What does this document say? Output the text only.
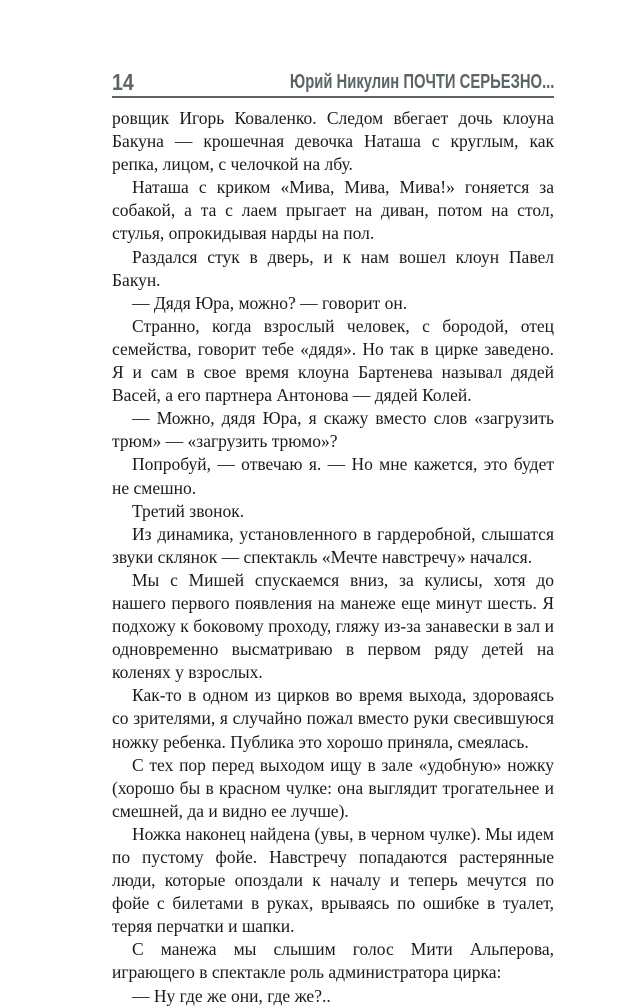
14	Юрий Никулин ПОЧТИ СЕРЬЕЗНО...

ровщик Игорь Коваленко. Следом вбегает дочь клоуна Бакуна — крошечная девочка Наташа с круглым, как репка, лицом, с челочкой на лбу.

Наташа с криком «Мива, Мива, Мива!» гоняется за собакой, а та с лаем прыгает на диван, потом на стол, стулья, опрокидывая нарды на пол.

Раздался стук в дверь, и к нам вошел клоун Павел Бакун.

— Дядя Юра, можно? — говорит он.

Странно, когда взрослый человек, с бородой, отец семейства, говорит тебе «дядя». Но так в цирке заведено. Я и сам в свое время клоуна Бартенева называл дядей Васей, а его партнера Антонова — дядей Колей.

— Можно, дядя Юра, я скажу вместо слов «загрузить трюм» — «загрузить трюмо»?

Попробуй, — отвечаю я. — Но мне кажется, это будет не смешно.

Третий звонок.

Из динамика, установленного в гардеробной, слышатся звуки склянок — спектакль «Мечте навстречу» начался.

Мы с Мишей спускаемся вниз, за кулисы, хотя до нашего первого появления на манеже еще минут шесть. Я подхожу к боковому проходу, гляжу из-за занавески в зал и одновременно высматриваю в первом ряду детей на коленях у взрослых.

Как-то в одном из цирков во время выхода, здороваясь со зрителями, я случайно пожал вместо руки свесившуюся ножку ребенка. Публика это хорошо приняла, смеялась.

С тех пор перед выходом ищу в зале «удобную» ножку (хорошо бы в красном чулке: она выглядит трогательнее и смешней, да и видно ее лучше).

Ножка наконец найдена (увы, в черном чулке). Мы идем по пустому фойе. Навстречу попадаются растерянные люди, которые опоздали к началу и теперь мечутся по фойе с билетами в руках, врываясь по ошибке в туалет, теряя перчатки и шапки.

С манежа мы слышим голос Мити Альперова, играющего в спектакле роль администратора цирка:

— Ну где же они, где же?..
